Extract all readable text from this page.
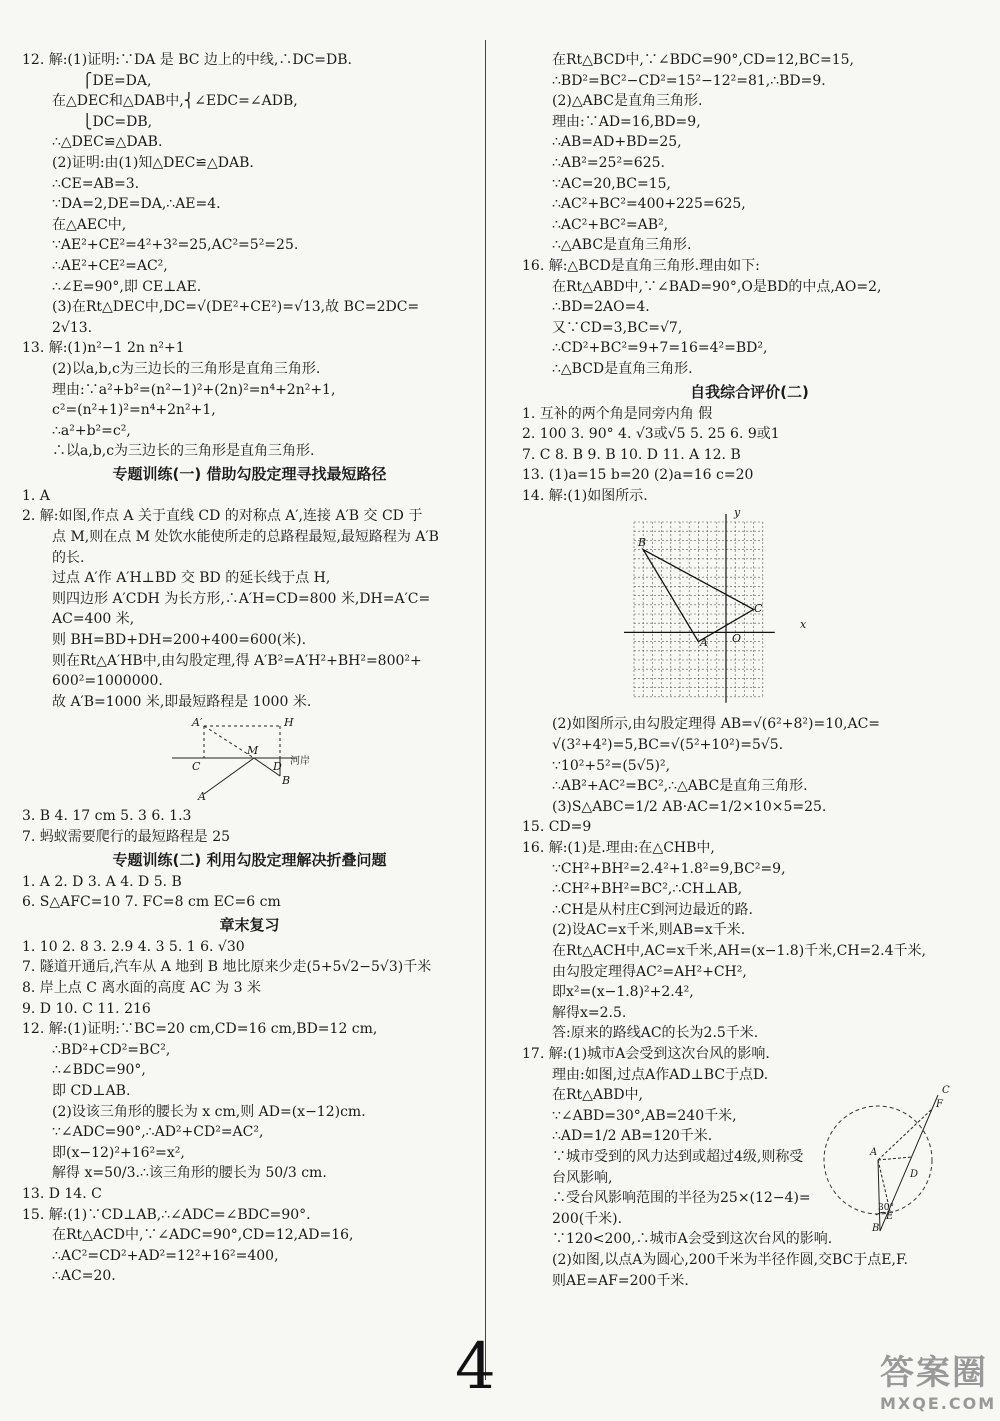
12. 解:(1)证明:∵DA 是 BC 边上的中线,∴DC=DB.
⎧DE=DA,
在△DEC和△DAB中,⎨∠EDC=∠ADB,
⎩DC=DB,
∴△DEC≌△DAB.
(2)证明:由(1)知△DEC≌△DAB.
∴CE=AB=3.
∵DA=2,DE=DA,∴AE=4.
在△AEC中,
∵AE²+CE²=4²+3²=25,AC²=5²=25.
∴AE²+CE²=AC²,
∴∠E=90°,即 CE⊥AE.
(3)在Rt△DEC中,DC=√(DE²+CE²)=√13,故 BC=2DC=
2√13.
13. 解:(1)n²−1 2n n²+1
(2)以a,b,c为三边长的三角形是直角三角形.
理由:∵a²+b²=(n²−1)²+(2n)²=n⁴+2n²+1,
c²=(n²+1)²=n⁴+2n²+1,
∴a²+b²=c²,
∴以a,b,c为三边长的三角形是直角三角形.
专题训练(一) 借助勾股定理寻找最短路径
1. A
2. 解:如图,作点 A 关于直线 CD 的对称点 A′,连接 A′B 交 CD 于
点 M,则在点 M 处饮水能使所走的总路程最短,最短路程为 A′B
的长.
过点 A′作 A′H⊥BD 交 BD 的延长线于点 H,
则四边形 A′CDH 为长方形,∴A′H=CD=800 米,DH=A′C=
AC=400 米,
则 BH=BD+DH=200+400=600(米).
则在Rt△A′HB中,由勾股定理,得 A′B²=A′H²+BH²=800²+
600²=1000000.
故 A′B=1000 米,即最短路程是 1000 米.
A′	H
河岸
C
M
D
B
A
3. B 4. 17 cm 5. 3 6. 1.3
7. 蚂蚁需要爬行的最短路程是 25
专题训练(二) 利用勾股定理解决折叠问题
1. A 2. D 3. A 4. D 5. B
6. S△AFC=10 7. FC=8 cm EC=6 cm
章末复习
1. 10 2. 8 3. 2.9 4. 3 5. 1 6. √30
7. 隧道开通后,汽车从 A 地到 B 地比原来少走(5+5√2−5√3)千米
8. 岸上点 C 离水面的高度 AC 为 3 米
9. D 10. C 11. 216
12. 解:(1)证明:∵BC=20 cm,CD=16 cm,BD=12 cm,
∴BD²+CD²=BC²,
∴∠BDC=90°,
即 CD⊥AB.
(2)设该三角形的腰长为 x cm,则 AD=(x−12)cm.
∵∠ADC=90°,∴AD²+CD²=AC²,
即(x−12)²+16²=x²,
解得 x=50/3.∴该三角形的腰长为 50/3 cm.
13. D 14. C
15. 解:(1)∵CD⊥AB,∴∠ADC=∠BDC=90°.
在Rt△ACD中,∵∠ADC=90°,CD=12,AD=16,
∴AC²=CD²+AD²=12²+16²=400,
∴AC=20.
在Rt△BCD中,∵∠BDC=90°,CD=12,BC=15,
∴BD²=BC²−CD²=15²−12²=81,∴BD=9.
(2)△ABC是直角三角形.
理由:∵AD=16,BD=9,
∴AB=AD+BD=25,
∴AB²=25²=625.
∵AC=20,BC=15,
∴AC²+BC²=400+225=625,
∴AC²+BC²=AB²,
∴△ABC是直角三角形.
16. 解:△BCD是直角三角形.理由如下:
在Rt△ABD中,∵∠BAD=90°,O是BD的中点,AO=2,
∴BD=2AO=4.
又∵CD=3,BC=√7,
∴CD²+BC²=9+7=16=4²=BD²,
∴△BCD是直角三角形.
自我综合评价(二)
1. 互补的两个角是同旁内角 假
2. 100 3. 90° 4. √3或√5 5. 25 6. 9或1
7. C 8. B 9. B 10. D 11. A 12. B
13. (1)a=15 b=20 (2)a=16 c=20
14. 解:(1)如图所示.
y
x
O
B
C
A
(2)如图所示,由勾股定理得 AB=√(6²+8²)=10,AC=
√(3²+4²)=5,BC=√(5²+10²)=5√5.
∵10²+5²=(5√5)²,
∴AB²+AC²=BC²,∴△ABC是直角三角形.
(3)S△ABC=1/2 AB·AC=1/2×10×5=25.
15. CD=9
16. 解:(1)是.理由:在△CHB中,
∵CH²+BH²=2.4²+1.8²=9,BC²=9,
∴CH²+BH²=BC²,∴CH⊥AB,
∴CH是从村庄C到河边最近的路.
(2)设AC=x千米,则AB=x千米.
在Rt△ACH中,AC=x千米,AH=(x−1.8)千米,CH=2.4千米,
由勾股定理得AC²=AH²+CH²,
即x²=(x−1.8)²+2.4²,
解得x=2.5.
答:原来的路线AC的长为2.5千米.
17. 解:(1)城市A会受到这次台风的影响.
理由:如图,过点A作AD⊥BC于点D.
在Rt△ABD中,
∵∠ABD=30°,AB=240千米,
∴AD=1/2 AB=120千米.
∵城市受到的风力达到或超过4级,则称受
台风影响,
∴受台风影响范围的半径为25×(12−4)=
200(千米).
∵120<200,∴城市A会受到这次台风的影响.
(2)如图,以点A为圆心,200千米为半径作圆,交BC于点E,F.
则AE=AF=200千米.
A
C
F
D
30°
E
B
4	答案圈
MXQE.COM
